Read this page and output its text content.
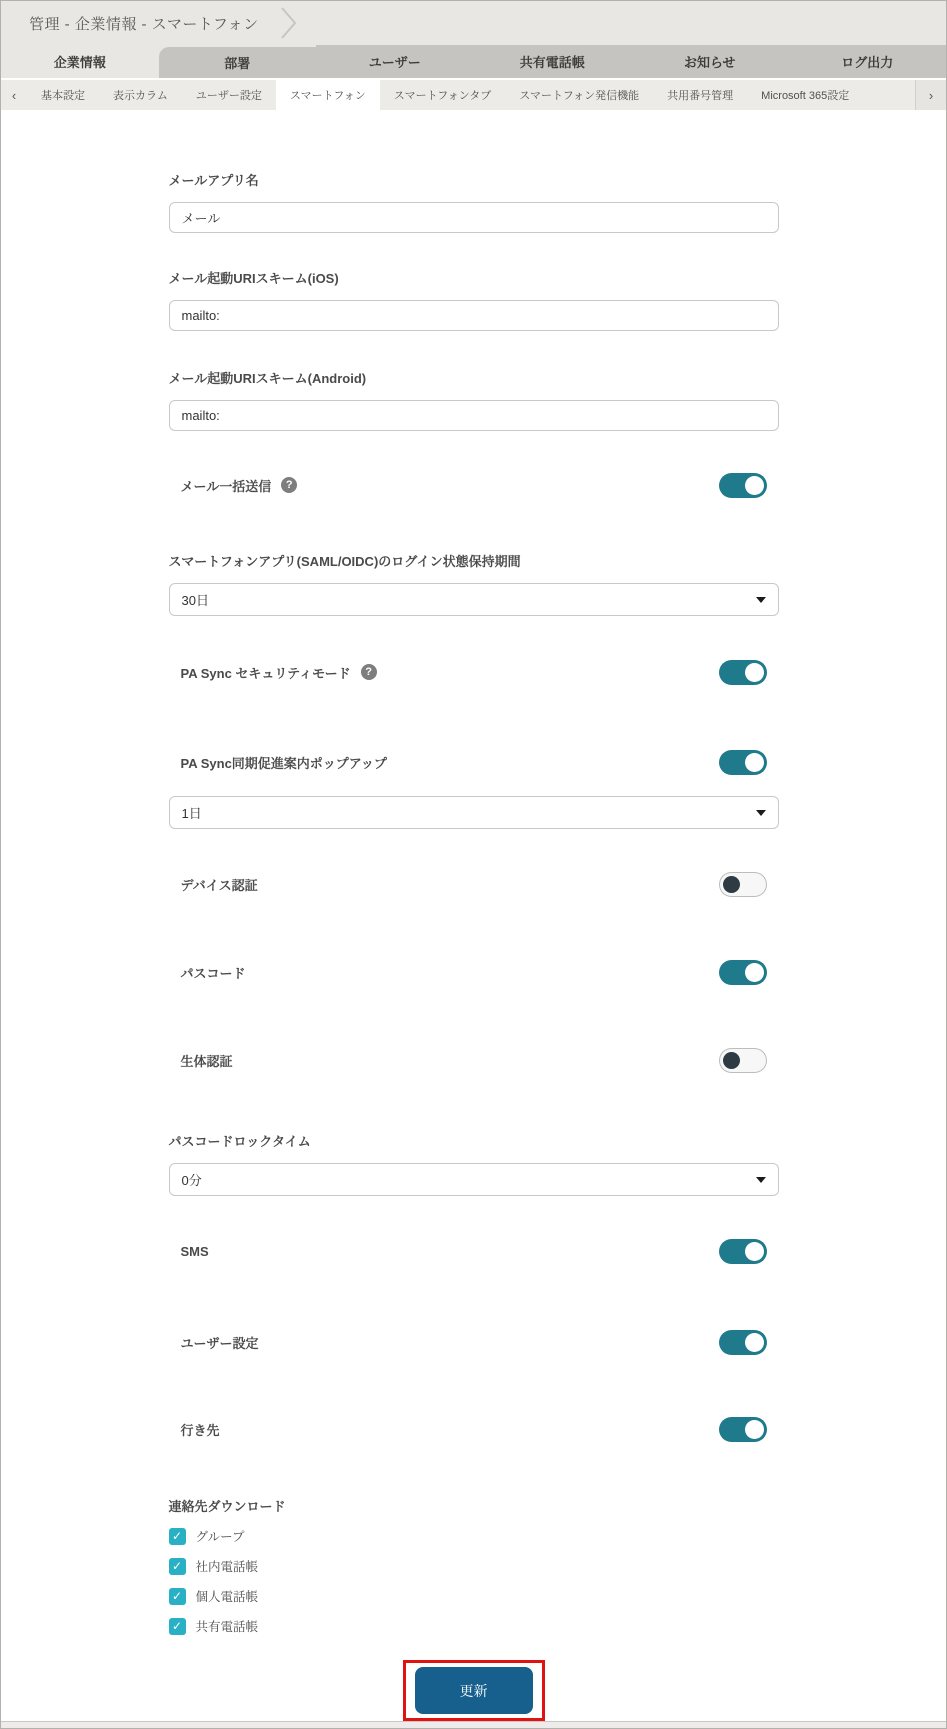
管理 - 企業情報 - スマートフォン
企業情報	部署	ユーザー	共有電話帳	お知らせ	ログ出力
‹	基本設定	表示カラム	ユーザー設定	スマートフォン	スマートフォンタブ	スマートフォン発信機能	共用番号管理	Microsoft 365設定	›
メールアプリ名
メール
メール起動URIスキーム(iOS)
mailto:
メール起動URIスキーム(Android)
mailto:
メール一括送信	?
スマートフォンアプリ(SAML/OIDC)のログイン状態保持期間
30日
PA Sync セキュリティモード	?
PA Sync同期促進案内ポップアップ
1日
デバイス認証
パスコード
生体認証
パスコードロックタイム
0分
SMS
ユーザー設定
行き先
連絡先ダウンロード
✓ グループ
✓ 社内電話帳
✓ 個人電話帳
✓ 共有電話帳
更新
